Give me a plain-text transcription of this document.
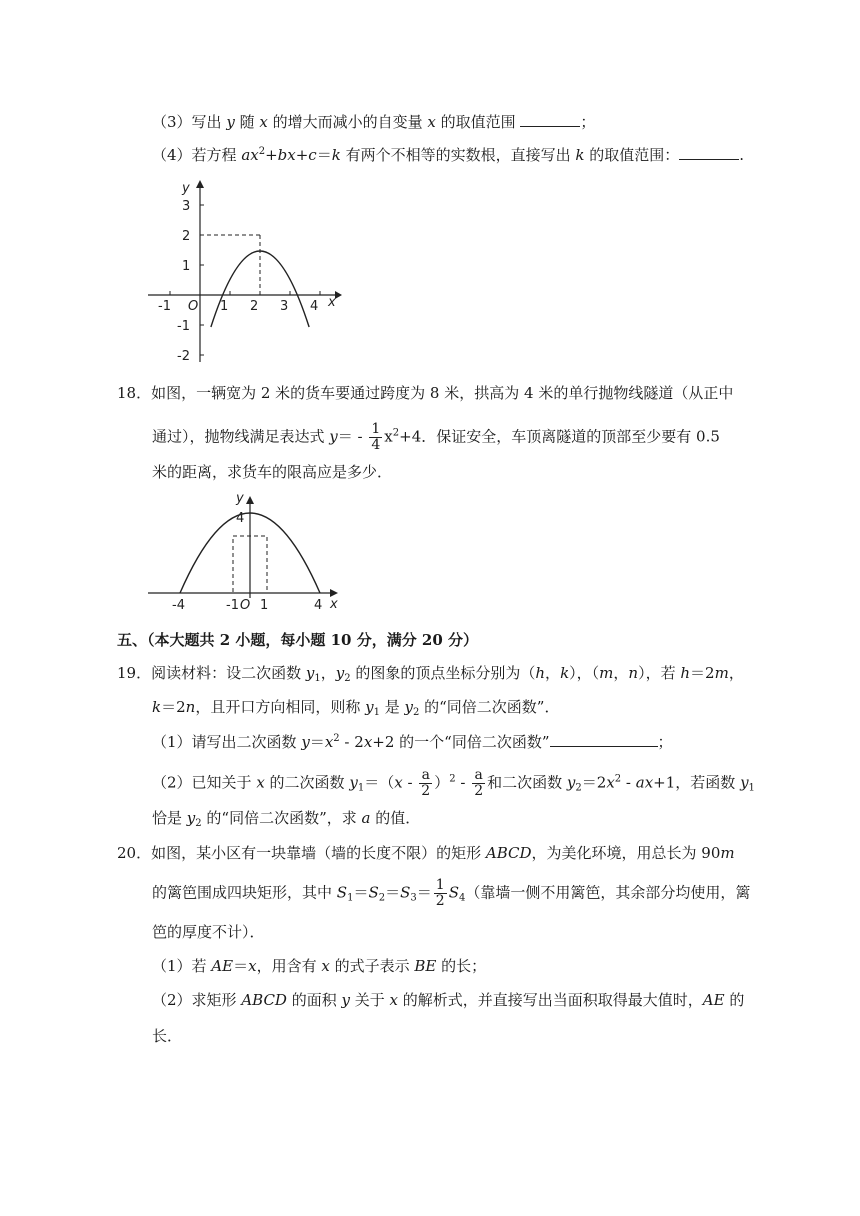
（3）写出 y 随 x 的增大而减小的自变量 x 的取值范围	；
（4）若方程 $ax^2+bx+c=k$ 有两个不相等的实数根，直接写出 k 的取值范围：	.
y
x
O
-1	1 2 3 4
3
2
1
-1
-2
18．如图，一辆宽为 2 米的货车要通过跨度为 8 米，拱高为 4 米的单行抛物线隧道（从正中
通过），抛物线满足表达式 $y= - \frac{1}{4} x^2+4$．保证安全，车顶离隧道的顶部至少要有 0.5
米的距离，求货车的限高应是多少．
y
4
x
-4	-1 O 1	4
五、（本大题共 2 小题，每小题 10 分，满分 20 分）
19．阅读材料：设二次函数 $y_1$，$y_2$ 的图象的顶点坐标分别为（h，k），（m，n），若 h＝2m，
k＝2n，且开口方向相同，则称 $y_1$ 是 $y_2$ 的“同倍二次函数”．
（1）请写出二次函数 $y=x^2 - 2x+2$ 的一个“同倍二次函数”	；
（2）已知关于 x 的二次函数 $y_1=(x - \frac{a}{2} )^2 - \frac{a}{2}$ 和二次函数 $y_2=2x^2 - ax+1$，若函数 $y_1$
恰是 $y_2$ 的“同倍二次函数”，求 a 的值．
20．如图，某小区有一块靠墙（墙的长度不限）的矩形 ABCD，为美化环境，用总长为 90m
的篱笆围成四块矩形，其中 $S_1=S_2=S_3= \frac{1}{2} S_4$（靠墙一侧不用篱笆，其余部分均使用，篱
笆的厚度不计）．
（1）若 AE＝x，用含有 x 的式子表示 BE 的长；
（2）求矩形 ABCD 的面积 y 关于 x 的解析式，并直接写出当面积取得最大值时，AE 的
长．
